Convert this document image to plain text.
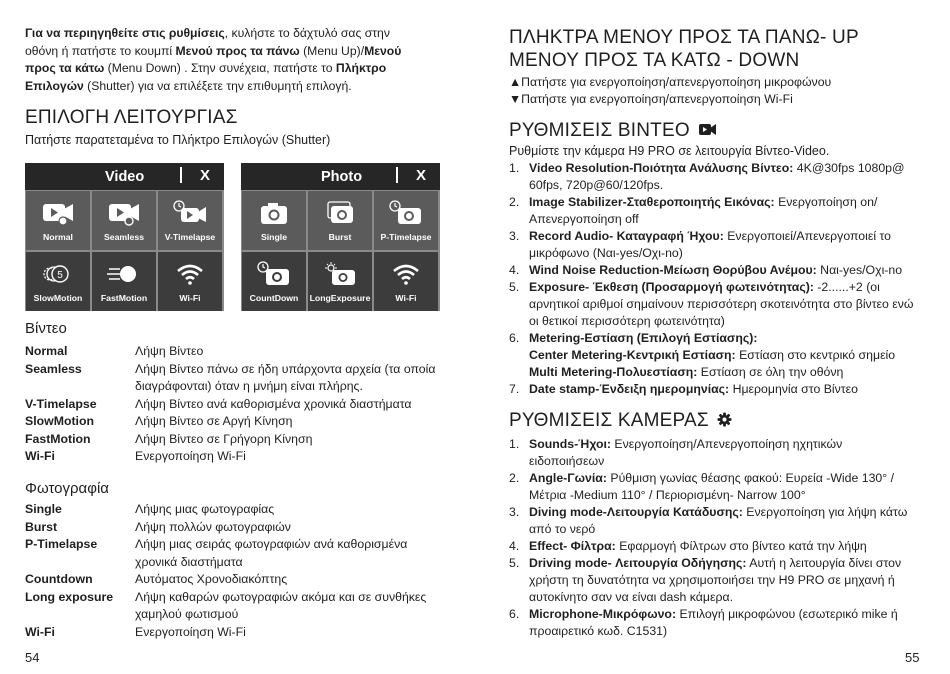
Για να περιηγηθείτε στις ρυθμίσεις, κυλήστε το δάχτυλό σας στην οθόνη ή πατήστε το κουμπί Μενού προς τα πάνω (Menu Up)/Μενού προς τα κάτω (Menu Down) . Στην συνέχεια, πατήστε το Πλήκτρο Επιλογών (Shutter) για να επιλέξετε την επιθυμητή επιλογή.
ΕΠΙΛΟΓΗ ΛΕΙΤΟΥΡΓΙΑΣ
Πατήστε παρατεταμένα το Πλήκτρο Επιλογών (Shutter)
Video	X
Normal	Seamless	V-Timelapse
5
SlowMotion	FastMotion	Wi-Fi
Photo	X
Single	Burst	P-Timelapse
CountDown	LongExposure	Wi-Fi
Βίντεο
Normal	Λήψη Βίντεο
Seamless	Λήψη Βίντεο πάνω σε ήδη υπάρχοντα αρχεία (τα οποία διαγράφονται) όταν η μνήμη είναι πλήρης.
V-Timelapse	Λήψη Βίντεο ανά καθορισμένα χρονικά διαστήματα
SlowMotion	Λήψη Βίντεο σε Αργή Κίνηση
FastMotion	Λήψη Βίντεο σε Γρήγορη Κίνηση
Wi-Fi	Ενεργοποίηση Wi-Fi
Φωτογραφία
Single	Λήψης μιας φωτογραφίας
Burst	Λήψη πολλών φωτογραφιών
P-Timelapse	Λήψη μιας σειράς φωτογραφιών ανά καθορισμένα χρονικά διαστήματα
Countdown	Αυτόματος Χρονοδιακόπτης
Long exposure	Λήψη καθαρών φωτογραφιών ακόμα και σε συνθήκες χαμηλού φωτισμού
Wi-Fi	Ενεργοποίηση Wi-Fi
54
ΠΛΗΚΤΡΑ ΜΕΝΟΥ ΠΡΟΣ ΤΑ ΠΑΝΩ- UP
ΜΕΝΟΥ ΠΡΟΣ ΤΑ ΚΑΤΩ - DOWN
▲Πατήστε για ενεργοποίηση/απενεργοποίηση μικροφώνου
▼Πατήστε για ενεργοποίηση/απενεργοποίηση Wi-Fi
ΡΥΘΜΙΣΕΙΣ ΒΙΝΤΕΟ
Ρυθμίστε την κάμερα H9 PRO σε λειτουργία Βίντεο-Video.
1. Video Resolution-Ποιότητα Ανάλυσης Βίντεο: 4K@30fps 1080p@ 60fps, 720p@60/120fps.
2. Image Stabilizer-Σταθεροποιητής Εικόνας: Ενεργοποίηση on/ Απενεργοποίηση off
3. Record Audio- Καταγραφή Ήχου: Ενεργοποιεί/Απενεργοποιεί το μικρόφωνο (Ναι-yes/Οχι-no)
4. Wind Noise Reduction-Μείωση Θορύβου Ανέμου: Ναι-yes/Οχι-no
5. Exposure- Έκθεση (Προσαρμογή φωτεινότητας): -2......+2 (οι αρνητικοί αριθμοί σημαίνουν περισσότερη σκοτεινότητα στο βίντεο ενώ οι θετικοί περισσότερη φωτεινότητα)
6. Metering-Εστίαση (Επιλογή Εστίασης):
Center Metering-Κεντρική Εστίαση: Εστίαση στο κεντρικό σημείο
Multi Metering-Πολυεστίαση: Εστίαση σε όλη την οθόνη
7. Date stamp-Ένδειξη ημερομηνίας: Ημερομηνία στο Βίντεο
ΡΥΘΜΙΣΕΙΣ ΚΑΜΕΡΑΣ
1. Sounds-Ήχοι: Ενεργοποίηση/Απενεργοποίηση ηχητικών ειδοποιήσεων
2. Angle-Γωνία: Ρύθμιση γωνίας θέασης φακού: Ευρεία -Wide 130° / Μέτρια -Medium 110° / Περιορισμένη- Narrow 100°
3. Diving mode-Λειτουργία Κατάδυσης: Ενεργοποίηση για λήψη κάτω από το νερό
4. Effect- Φίλτρα: Εφαρμογή Φίλτρων στο βίντεο κατά την λήψη
5. Driving mode- Λειτουργία Οδήγησης: Αυτή η λειτουργία δίνει στον χρήστη τη δυνατότητα να χρησιμοποιήσει την H9 PRO σε μηχανή ή αυτοκίνητο σαν να είναι dash κάμερα.
6. Microphone-Μικρόφωνο: Επιλογή μικροφώνου (εσωτερικό mike ή προαιρετικό κωδ. C1531)
55
